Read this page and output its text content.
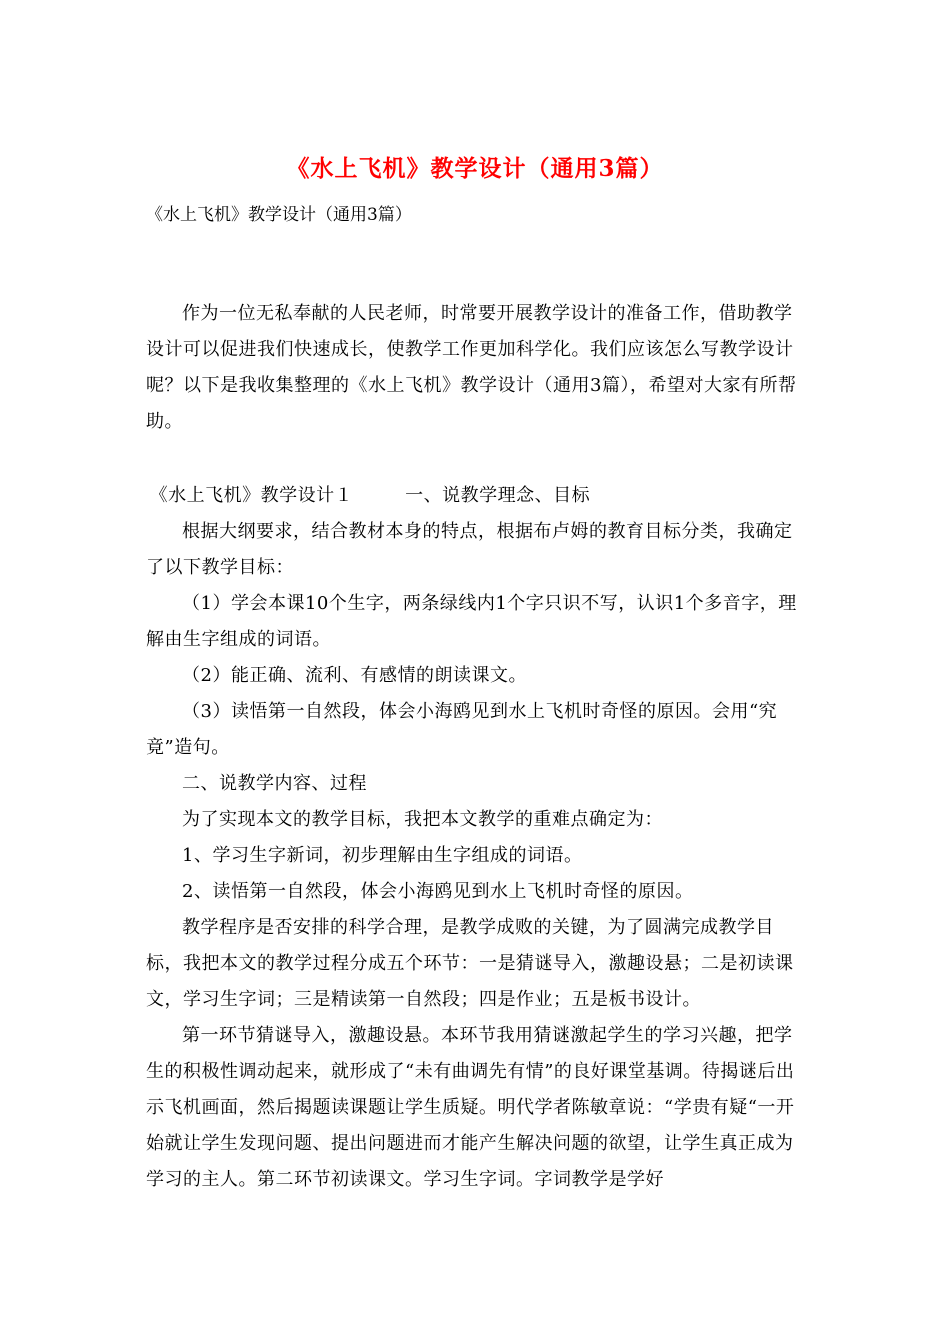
《水上飞机》教学设计（通用3篇）
《水上飞机》教学设计（通用3篇）

作为一位无私奉献的人民老师，时常要开展教学设计的准备工作，借助教学设计可以促进我们快速成长，使教学工作更加科学化。我们应该怎么写教学设计呢？以下是我收集整理的《水上飞机》教学设计（通用3篇），希望对大家有所帮助。

《水上飞机》教学设计１	一、说教学理念、目标

根据大纲要求，结合教材本身的特点，根据布卢姆的教育目标分类，我确定了以下教学目标：

（1）学会本课10个生字，两条绿线内1个字只识不写，认识1个多音字，理解由生字组成的词语。

（2）能正确、流利、有感情的朗读课文。

（3）读悟第一自然段，体会小海鸥见到水上飞机时奇怪的原因。会用“究竟”造句。

二、说教学内容、过程

为了实现本文的教学目标，我把本文教学的重难点确定为：

1、学习生字新词，初步理解由生字组成的词语。

2、读悟第一自然段，体会小海鸥见到水上飞机时奇怪的原因。

教学程序是否安排的科学合理，是教学成败的关键，为了圆满完成教学目标，我把本文的教学过程分成五个环节：一是猜谜导入，激趣设悬；二是初读课文，学习生字词；三是精读第一自然段；四是作业；五是板书设计。

第一环节猜谜导入，激趣设悬。本环节我用猜谜激起学生的学习兴趣，把学生的积极性调动起来，就形成了“未有曲调先有情”的良好课堂基调。待揭谜后出示飞机画面，然后揭题读课题让学生质疑。明代学者陈敏章说：“学贵有疑“一开始就让学生发现问题、提出问题进而才能产生解决问题的欲望，让学生真正成为学习的主人。第二环节初读课文。学习生字词。字词教学是学好
